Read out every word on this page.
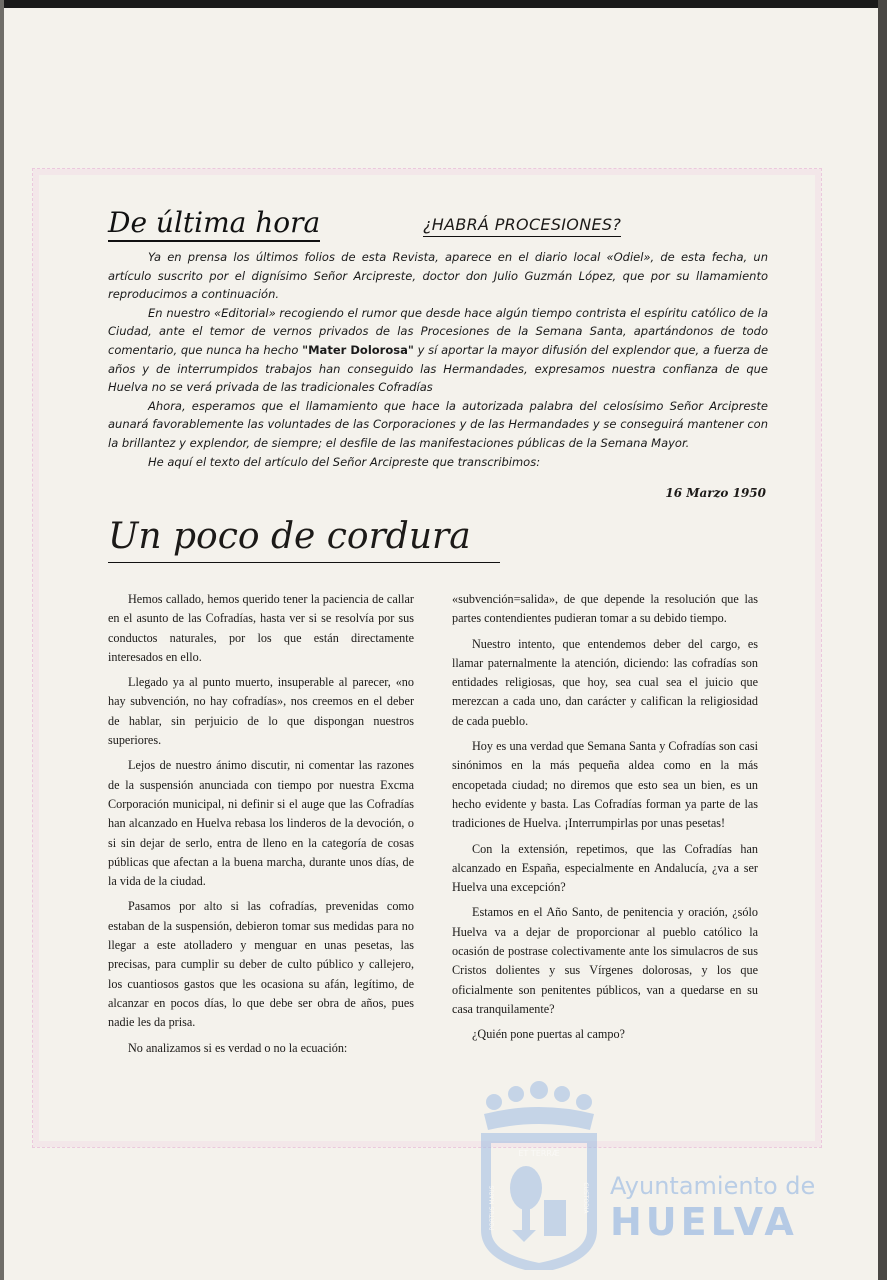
De última hora	¿HABRÁ PROCESIONES?

Ya en prensa los últimos folios de esta Revista, aparece en el diario local «Odiel», de esta fecha, un artículo suscrito por el dignísimo Señor Arcipreste, doctor don Julio Guzmán López, que por su llamamiento reproducimos a continuación.

En nuestro «Editorial» recogiendo el rumor que desde hace algún tiempo contrista el espíritu católico de la Ciudad, ante el temor de vernos privados de las Procesiones de la Semana Santa, apartándonos de todo comentario, que nunca ha hecho "Mater Dolorosa" y sí aportar la mayor difusión del explendor que, a fuerza de años y de interrumpidos trabajos han conseguido las Hermandades, expresamos nuestra confianza de que Huelva no se verá privada de las tradicionales Cofradías

Ahora, esperamos que el llamamiento que hace la autorizada palabra del celosísimo Señor Arcipreste aunará favorablemente las voluntades de las Corporaciones y de las Hermandades y se conseguirá mantener con la brillantez y explendor, de siempre; el desfile de las manifestaciones públicas de la Semana Mayor.

He aquí el texto del artículo del Señor Arcipreste que transcribimos:

16 Marzo 1950
Un poco de cordura

Hemos callado, hemos querido tener la paciencia de callar en el asunto de las Cofradías, hasta ver si se resolvía por sus conductos naturales, por los que están directamente interesados en ello.

Llegado ya al punto muerto, insuperable al parecer, «no hay subvención, no hay cofradías», nos creemos en el deber de hablar, sin perjuicio de lo que dispongan nuestros superiores.

Lejos de nuestro ánimo discutir, ni comentar las razones de la suspensión anunciada con tiempo por nuestra Excma Corporación municipal, ni definir si el auge que las Cofradías han alcanzado en Huelva rebasa los linderos de la devoción, o si sin dejar de serlo, entra de lleno en la categoría de cosas públicas que afectan a la buena marcha, durante unos días, de la vida de la ciudad.

Pasamos por alto si las cofradías, prevenidas como estaban de la suspensión, debieron tomar sus medidas para no llegar a este atolladero y menguar en unas pesetas, las precisas, para cumplir su deber de culto público y callejero, los cuantiosos gastos que les ocasiona su afán, legítimo, de alcanzar en pocos días, lo que debe ser obra de años, pues nadie les da prisa.

No analizamos si es verdad o no la ecuación:

«subvención=salida», de que depende la resolución que las partes contendientes pudieran tomar a su debido tiempo.

Nuestro intento, que entendemos deber del cargo, es llamar paternalmente la atención, diciendo: las cofradías son entidades religiosas, que hoy, sea cual sea el juicio que merezcan a cada uno, dan carácter y califican la religiosidad de cada pueblo.

Hoy es una verdad que Semana Santa y Cofradías son casi sinónimos en la más pequeña aldea como en la más encopetada ciudad; no diremos que esto sea un bien, es un hecho evidente y basta. Las Cofradías forman ya parte de las tradiciones de Huelva. ¡Interrumpirlas por unas pesetas!

Con la extensión, repetimos, que las Cofradías han alcanzado en España, especialmente en Andalucía, ¿va a ser Huelva una excepción?

Estamos en el Año Santo, de penitencia y oración, ¿sólo Huelva va a dejar de proporcionar al pueblo católico la ocasión de postrase colectivamente ante los simulacros de sus Cristos dolientes y sus Vírgenes dolorosas, y los que oficialmente son penitentes públicos, van a quedarse en su casa tranquilamente?

¿Quién pone puertas al campo?

ET TERRÆ
PORTUS MARIS	CUSTODIA Ayuntamiento de
HUELVA
